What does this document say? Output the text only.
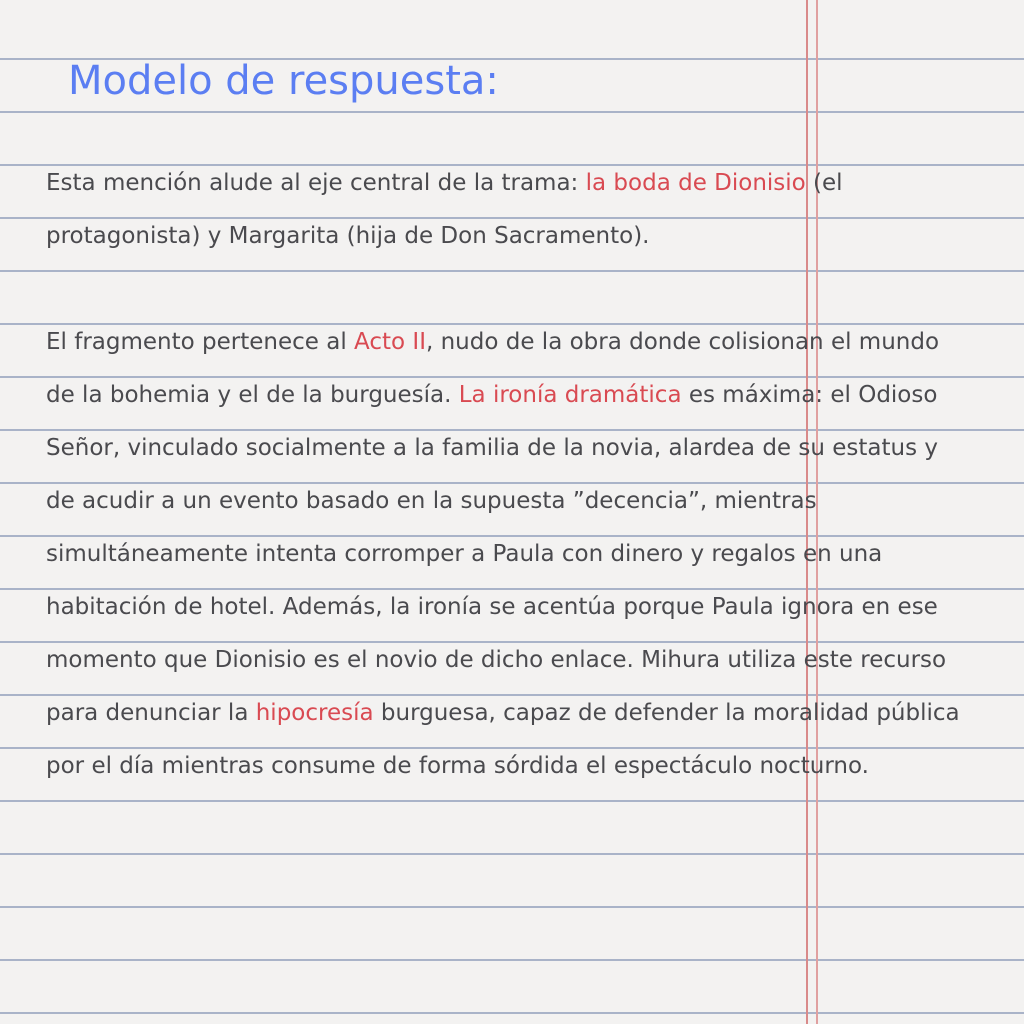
Modelo de respuesta:

Esta mención alude al eje central de la trama: la boda de Dionisio (el protagonista) y Margarita (hija de Don Sacramento).

El fragmento pertenece al Acto II, nudo de la obra donde colisionan el mundo de la bohemia y el de la burguesía. La ironía dramática es máxima: el Odioso Señor, vinculado socialmente a la familia de la novia, alardea de su estatus y de acudir a un evento basado en la supuesta ”decencia”, mientras simultáneamente intenta corromper a Paula con dinero y regalos en una habitación de hotel. Además, la ironía se acentúa porque Paula ignora en ese momento que Dionisio es el novio de dicho enlace. Mihura utiliza este recurso para denunciar la hipocresía burguesa, capaz de defender la moralidad pública por el día mientras consume de forma sórdida el espectáculo nocturno.
